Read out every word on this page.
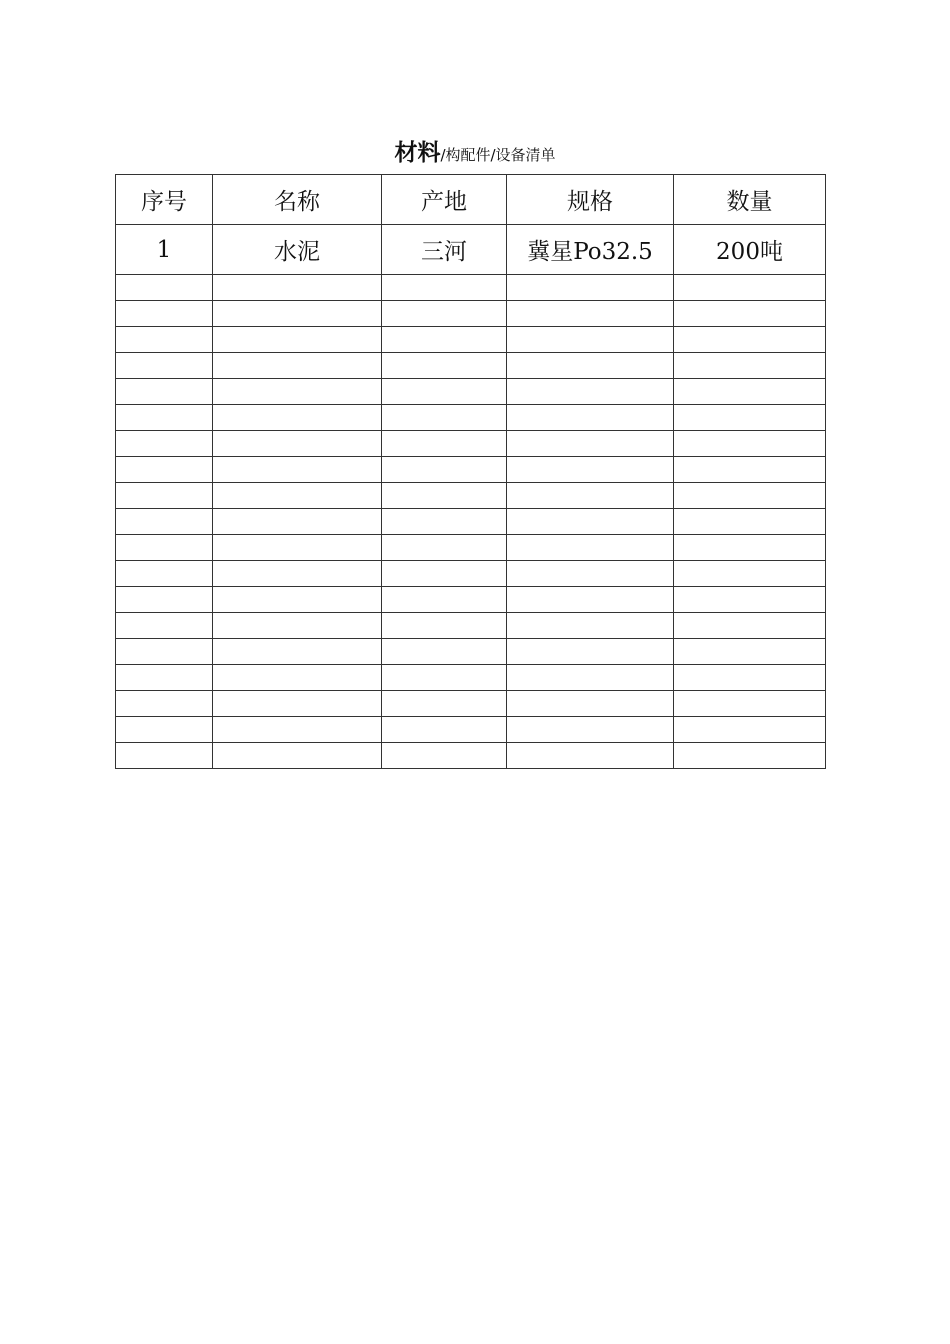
材料/构配件/设备清单
序号	名称	产地	规格	数量
1	水泥	三河	冀星Po32.5	200吨
